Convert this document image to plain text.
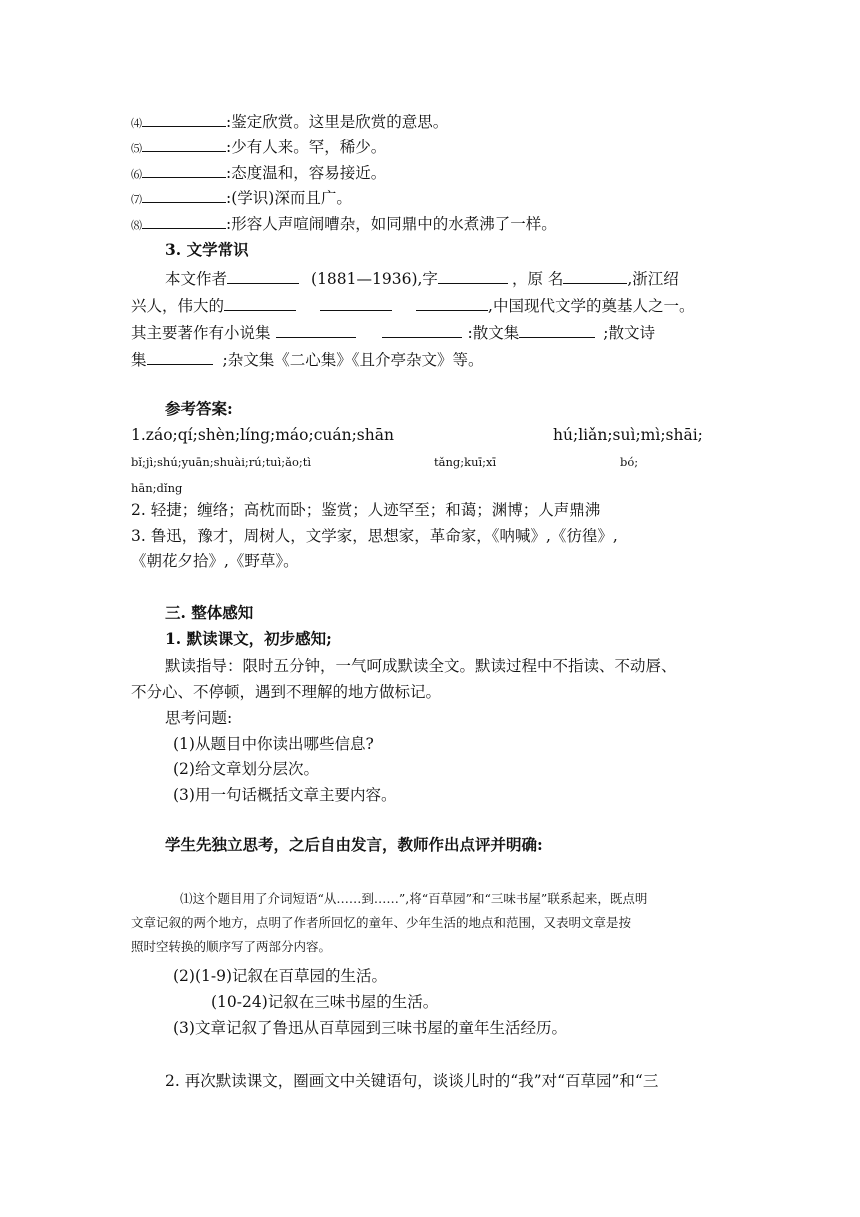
⑷	:鉴定欣赏。这里是欣赏的意思。
⑸	:少有人来。罕，稀少。
⑹	:态度温和，容易接近。
⑺	:(学识)深而且广。
⑻	:形容人声喧闹嘈杂，如同鼎中的水煮沸了一样。
3. 文学常识
本文作者	(1881—1936),字	，原 名	,浙江绍
兴人，伟大的	,中国现代文学的奠基人之一。
其主要著作有小说集	:散文集	;散文诗
集	;杂文集《二心集》《且介亭杂文》等。
参考答案:
1.záo;qí;shèn;líng;máo;cuán;shān	hú;liǎn;suì;mì;shāi;
bǐ;jì;shú;yuān;shuài;rú;tuì;ǎo;tì	tǎng;kuī;xī	bó;
hān;dǐng
2. 轻捷；缠络；高枕而卧；鉴赏；人迹罕至；和蔼；渊博；人声鼎沸
3. 鲁迅，豫才，周树人，文学家，思想家，革命家，《呐喊》,《彷徨》,
《朝花夕拾》,《野草》。
三. 整体感知
1. 默读课文，初步感知;
默读指导：限时五分钟，一气呵成默读全文。默读过程中不指读、不动唇、
不分心、不停顿，遇到不理解的地方做标记。
思考问题:
(1)从题目中你读出哪些信息?
(2)给文章划分层次。
(3)用一句话概括文章主要内容。
学生先独立思考，之后自由发言，教师作出点评并明确:
⑴这个题目用了介词短语“从……到……”,将“百草园”和“三味书屋”联系起来，既点明
文章记叙的两个地方，点明了作者所回忆的童年、少年生活的地点和范围，又表明文章是按
照时空转换的顺序写了两部分内容。
(2)(1-9)记叙在百草园的生活。
(10-24)记叙在三味书屋的生活。
(3)文章记叙了鲁迅从百草园到三味书屋的童年生活经历。
2. 再次默读课文，圈画文中关键语句，谈谈儿时的“我”对“百草园”和“三
